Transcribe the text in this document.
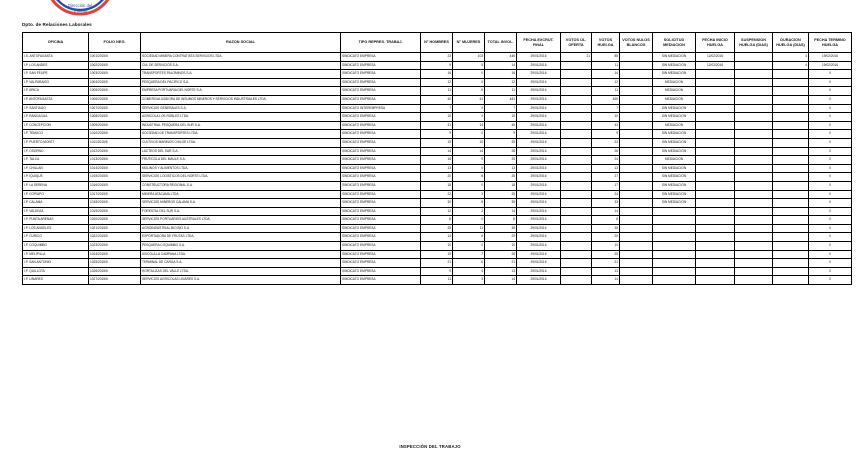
Dirección del
Trabajo
Dpto. de Relaciones Laborales
OFICINA	FOLIO NEG.	RAZON SOCIAL	TIPO REPRES. TRABAJ.	N° HOMBRES	N° MUJERES	TOTAL INVOL.	FECHA EXCRUT. FINAL	VOTOS ÚL. OFERTA	VOTOS HUELGA	VOTOS NULOS BLANCOS	SOLICITUD MEDIACION	FECHA INICIO HUELGA	SUSPENSION HUELGA (DIAS)	DURACION HUELGA (DIAS)	FECHA TERMINO HUELGA
I.S. ANTOFAGASTA	1001/2015/5	SOCIEDAD MINERA CONTRATISTA SERVICIOS LTDA.	SINDICATO EMPRESA	23	103	446	29/01/2016	21	85		SIN MEDIACION	12/02/2016		4	19/02/2016
I.P. LOS ANDES	1002/2015/5	CIA. DE SERVICIOS S.A.	SINDICATO EMPRESA	9	5	14	29/01/2016		11		SIN MEDIACION	12/02/2016		4	19/02/2016
I.P. SAN FELIPE	1003/2015/5	TRANSPORTES PALOMINOS S.A.	SINDICATO EMPRESA	16	0	16	29/01/2016		14		SIN MEDIACION				0
I.P. VALPARAISO	1004/2015/5	PESQUERA DEL PACIFICO S.A.	SINDICATO EMPRESA	12	0	12	29/01/2016		12		MEDIACION				0
I.P. ARICA	1005/2015/5	EMPRESA PORTUARIA DEL NORTE S.A.	SINDICATO EMPRESA	11	0	11	29/01/2016		11		MEDIACION				0
I.P. ANTOFAGASTA	1006/2015/5	COMERCIALIZADORA DE INSUMOS MINEROS Y SERVICIOS INDUSTRIALES LTDA.	SINDICATO EMPRESA	40	41	481	29/01/2016		465		MEDIACION				0
I.P. SANTIAGO	1007/2015/5	SERVICIOS GENERALES S.A.	SINDICATO INTEREMPRESA	7	0	7	29/01/2016		7		SIN MEDIACION				0
I.P. RANCAGUA	1008/2015/5	AGRICOLA LOS ROBLES LTDA.	SINDICATO EMPRESA	10	0	10	29/01/2016		10		SIN MEDIACION				0
I.P. CONCEPCION	1009/2015/5	INDUSTRIAL PESQUERA DEL SUR S.A.	SINDICATO EMPRESA	31	14	45	29/01/2016		43		MEDIACION				0
I.P. TEMUCO	1010/2015/5	SOCIEDAD DE TRANSPORTES LTDA.	SINDICATO EMPRESA	9	0	9	29/01/2016		9		SIN MEDIACION				0
I.P. PUERTO MONTT	1011/2015/5	CULTIVOS MARINOS CHILOE LTDA.	SINDICATO EMPRESA	15	10	25	29/01/2016		23		SIN MEDIACION				0
I.P. OSORNO	1012/2015/5	LACTEOS DEL SUR S.A.	SINDICATO EMPRESA	14	14	28	29/01/2016		26		SIN MEDIACION				0
I.P. TALCA	1013/2015/5	FRUTICOLA DEL MAULE S.A.	SINDICATO EMPRESA	16	9	25	29/01/2016		24		MEDIACION				0
I.P. CHILLAN	1014/2015/5	MOLINOS Y ALIMENTOS LTDA.	SINDICATO EMPRESA	13	0	13	29/01/2016		13		SIN MEDIACION				0
I.P. IQUIQUE	1015/2015/5	SERVICIOS LOGISTICOS DEL NORTE LTDA.	SINDICATO EMPRESA	20	8	28	29/01/2016		27		SIN MEDIACION				0
I.P. LA SERENA	1016/2015/5	CONSTRUCTORA REGIONAL S.A.	SINDICATO EMPRESA	18	0	18	29/01/2016		17		SIN MEDIACION				0
I.P. COPIAPO	1017/2015/5	MINERA ATACAMA LTDA.	SINDICATO EMPRESA	22	3	25	29/01/2016		24		SIN MEDIACION				0
I.P. CALAMA	1018/2015/5	SERVICIOS MINEROS CALAMA S.A.	SINDICATO EMPRESA	30	5	35	29/01/2016		33		SIN MEDIACION				0
I.P. VALDIVIA	1019/2015/5	FORESTAL DEL SUR S.A.	SINDICATO EMPRESA	12	2	14	29/01/2016		14						0
I.P. PUNTA ARENAS	1020/2015/5	SERVICIOS PORTUARIOS AUSTRALES LTDA.	SINDICATO EMPRESA	8	0	8	29/01/2016		8						0
I.P. LOS ANGELES	1021/2015/5	AGROINDUSTRIAL BIO BIO S.A.	SINDICATO EMPRESA	25	11	36	29/01/2016		35						0
I.P. CURICO	1022/2015/5	EXPORTADORA DE FRUTAS LTDA.	SINDICATO EMPRESA	14	6	20	29/01/2016		20						0
I.P. COQUIMBO	1023/2015/5	PESQUERA COQUIMBO S.A.	SINDICATO EMPRESA	10	0	10	29/01/2016		10						0
I.P. MELIPILLA	1024/2015/5	AVICOLA LA CAMPANA LTDA.	SINDICATO EMPRESA	19	7	26	29/01/2016		25						0
I.P. SAN ANTONIO	1025/2015/5	TERMINAL DE CARGA S.A.	SINDICATO EMPRESA	21	0	21	29/01/2016		21						0
I.P. QUILLOTA	1026/2015/5	HORTALIZAS DEL VALLE LTDA.	SINDICATO EMPRESA	9	4	13	29/01/2016		13						0
I.P. LINARES	1027/2015/5	SERVICIOS AGRICOLAS LINARES S.A.	SINDICATO EMPRESA	11	3	14	29/01/2016		14						0
INSPECCIÓN DEL TRABAJO
